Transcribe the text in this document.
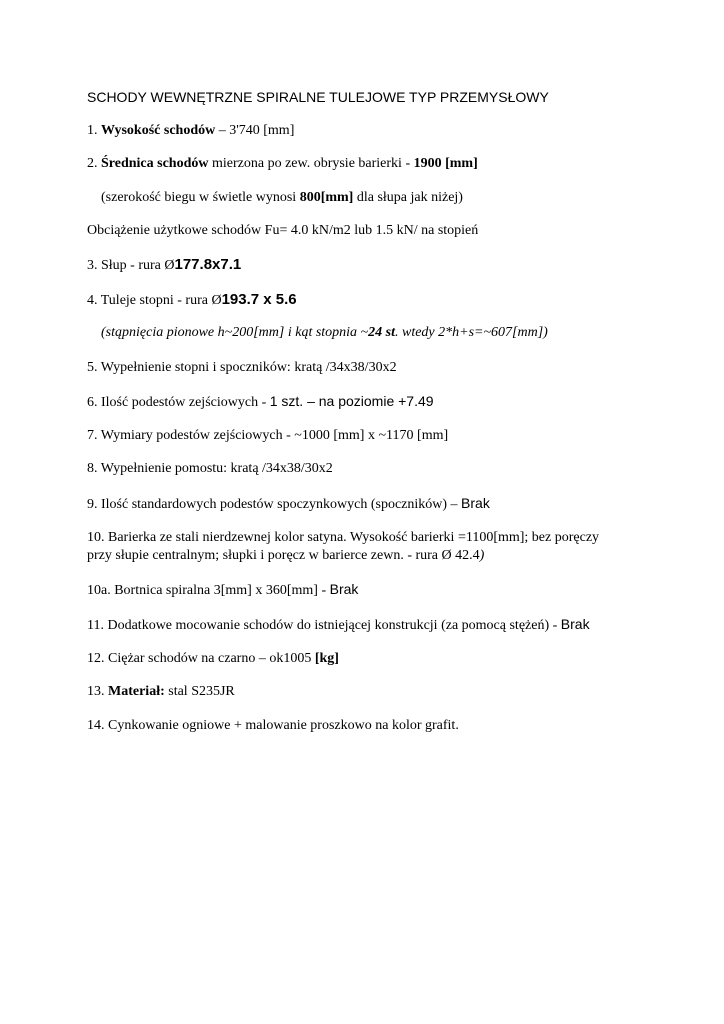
SCHODY WEWNĘTRZNE SPIRALNE TULEJOWE TYP PRZEMYSŁOWY
1. Wysokość schodów – 3'740 [mm]
2. Średnica schodów mierzona po zew. obrysie barierki - 1900 [mm]
(szerokość biegu w świetle wynosi 800[mm] dla słupa jak niżej)
Obciążenie użytkowe schodów Fu= 4.0 kN/m2 lub 1.5 kN/ na stopień
3. Słup - rura Ø177.8x7.1
4. Tuleje stopni - rura Ø193.7 x 5.6
(stąpnięcia pionowe h~200[mm] i kąt stopnia ~24 st. wtedy 2*h+s=~607[mm])
5. Wypełnienie stopni i spoczników: kratą /34x38/30x2
6. Ilość podestów zejściowych - 1 szt. – na poziomie +7.49
7. Wymiary podestów zejściowych - ~1000 [mm] x ~1170 [mm]
8. Wypełnienie pomostu: kratą /34x38/30x2
9. Ilość standardowych podestów spoczynkowych (spoczników) – Brak
10. Barierka ze stali nierdzewnej kolor satyna. Wysokość barierki =1100[mm]; bez poręczy
przy słupie centralnym; słupki i poręcz w barierce zewn. - rura Ø 42.4)
10a. Bortnica spiralna 3[mm] x 360[mm] - Brak
11. Dodatkowe mocowanie schodów do istniejącej konstrukcji (za pomocą stężeń) - Brak
12. Ciężar schodów na czarno – ok1005 [kg]
13. Materiał: stal S235JR
14. Cynkowanie ogniowe + malowanie proszkowo na kolor grafit.
